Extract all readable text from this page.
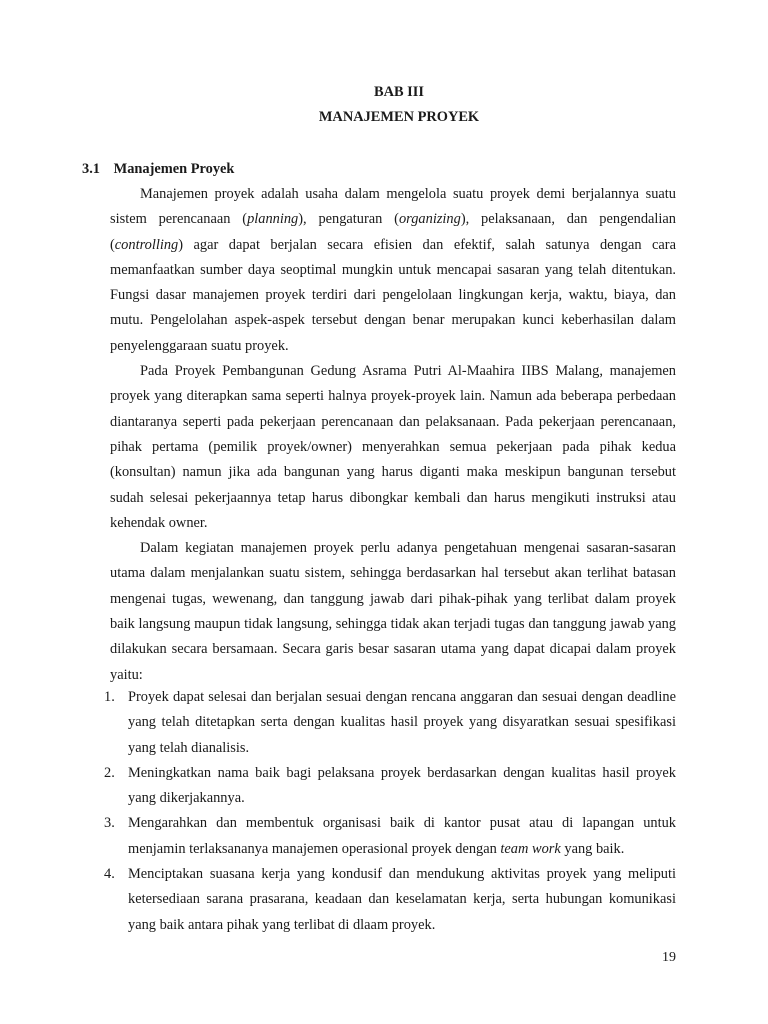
BAB III
MANAJEMEN PROYEK
3.1 Manajemen Proyek

Manajemen proyek adalah usaha dalam mengelola suatu proyek demi berjalannya suatu sistem perencanaan (planning), pengaturan (organizing), pelaksanaan, dan pengendalian (controlling) agar dapat berjalan secara efisien dan efektif, salah satunya dengan cara memanfaatkan sumber daya seoptimal mungkin untuk mencapai sasaran yang telah ditentukan. Fungsi dasar manajemen proyek terdiri dari pengelolaan lingkungan kerja, waktu, biaya, dan mutu. Pengelolahan aspek-aspek tersebut dengan benar merupakan kunci keberhasilan dalam penyelenggaraan suatu proyek.

Pada Proyek Pembangunan Gedung Asrama Putri Al-Maahira IIBS Malang, manajemen proyek yang diterapkan sama seperti halnya proyek-proyek lain. Namun ada beberapa perbedaan diantaranya seperti pada pekerjaan perencanaan dan pelaksanaan. Pada pekerjaan perencanaan, pihak pertama (pemilik proyek/owner) menyerahkan semua pekerjaan pada pihak kedua (konsultan) namun jika ada bangunan yang harus diganti maka meskipun bangunan tersebut sudah selesai pekerjaannya tetap harus dibongkar kembali dan harus mengikuti instruksi atau kehendak owner.

Dalam kegiatan manajemen proyek perlu adanya pengetahuan mengenai sasaran-sasaran utama dalam menjalankan suatu sistem, sehingga berdasarkan hal tersebut akan terlihat batasan mengenai tugas, wewenang, dan tanggung jawab dari pihak-pihak yang terlibat dalam proyek baik langsung maupun tidak langsung, sehingga tidak akan terjadi tugas dan tanggung jawab yang dilakukan secara bersamaan. Secara garis besar sasaran utama yang dapat dicapai dalam proyek yaitu:

1. Proyek dapat selesai dan berjalan sesuai dengan rencana anggaran dan sesuai dengan deadline yang telah ditetapkan serta dengan kualitas hasil proyek yang disyaratkan sesuai spesifikasi yang telah dianalisis.
2. Meningkatkan nama baik bagi pelaksana proyek berdasarkan dengan kualitas hasil proyek yang dikerjakannya.
3. Mengarahkan dan membentuk organisasi baik di kantor pusat atau di lapangan untuk menjamin terlaksananya manajemen operasional proyek dengan team work yang baik.
4. Menciptakan suasana kerja yang kondusif dan mendukung aktivitas proyek yang meliputi ketersediaan sarana prasarana, keadaan dan keselamatan kerja, serta hubungan komunikasi yang baik antara pihak yang terlibat di dlaam proyek.
19
